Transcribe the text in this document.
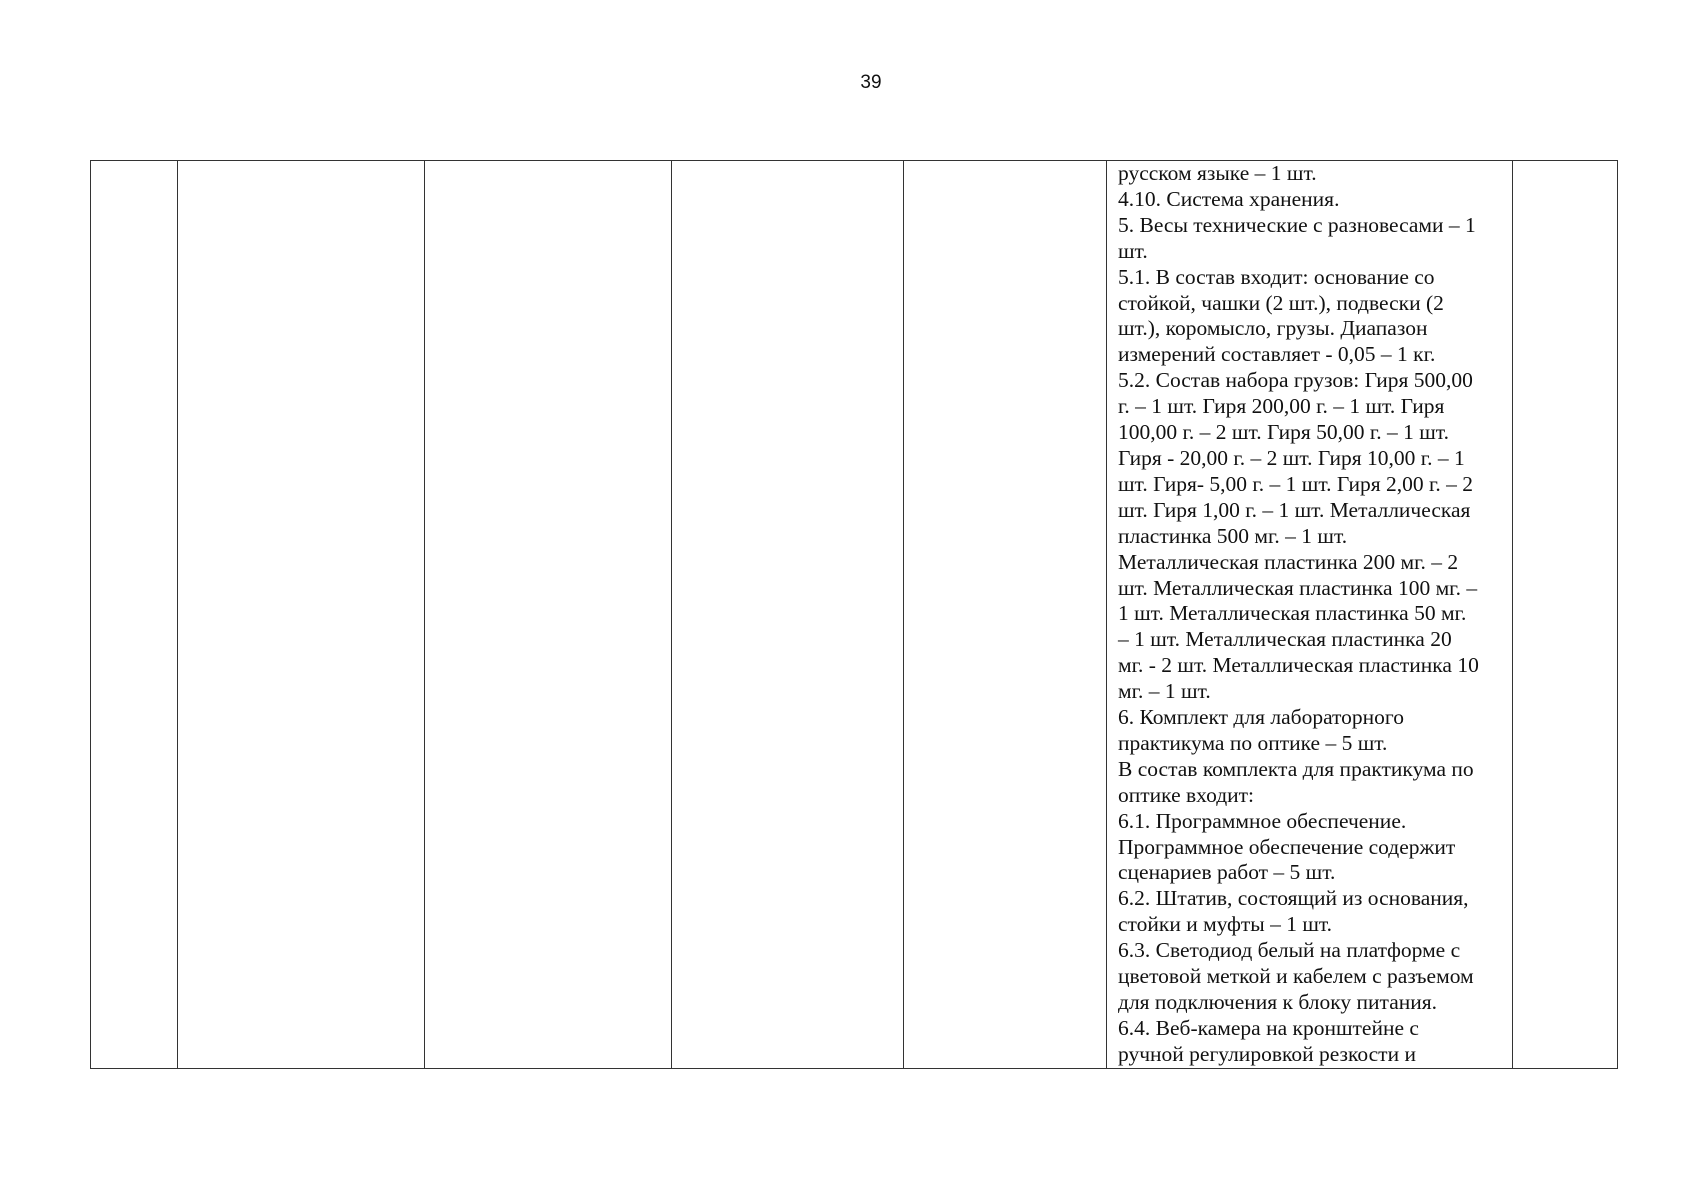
39

русском языке – 1 шт.
4.10. Система хранения.
5. Весы технические с разновесами – 1
шт.
5.1. В состав входит: основание со
стойкой, чашки (2 шт.), подвески (2
шт.), коромысло, грузы. Диапазон
измерений составляет - 0,05 – 1 кг.
5.2. Состав набора грузов: Гиря 500,00
г. – 1 шт. Гиря 200,00 г. – 1 шт. Гиря
100,00 г. – 2 шт. Гиря 50,00 г. – 1 шт.
Гиря - 20,00 г. – 2 шт. Гиря 10,00 г. – 1
шт. Гиря- 5,00 г. – 1 шт. Гиря 2,00 г. – 2
шт. Гиря 1,00 г. – 1 шт. Металлическая
пластинка 500 мг. – 1 шт.
Металлическая пластинка 200 мг. – 2
шт. Металлическая пластинка 100 мг. –
1 шт. Металлическая пластинка 50 мг.
– 1 шт. Металлическая пластинка 20
мг. - 2 шт. Металлическая пластинка 10
мг. – 1 шт.
6. Комплект для лабораторного
практикума по оптике – 5 шт.
В состав комплекта для практикума по
оптике входит:
6.1. Программное обеспечение.
Программное обеспечение содержит
сценариев работ – 5 шт.
6.2. Штатив, состоящий из основания,
стойки и муфты – 1 шт.
6.3. Светодиод белый на платформе с
цветовой меткой и кабелем с разъемом
для подключения к блоку питания.
6.4. Веб-камера на кронштейне с
ручной регулировкой резкости и
